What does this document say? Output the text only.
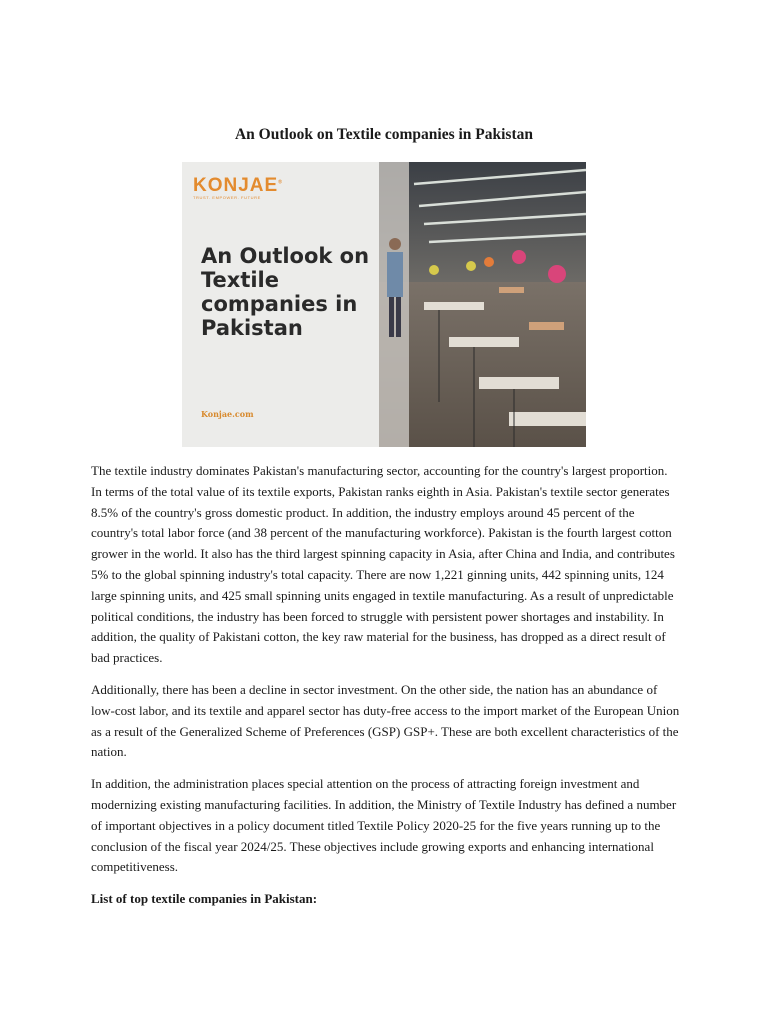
An Outlook on Textile companies in Pakistan
KONJAE®
TRUST. EMPOWER. FUTURE
An Outlook on Textile companies in Pakistan
Konjae.com

The textile industry dominates Pakistan's manufacturing sector, accounting for the country's largest proportion. In terms of the total value of its textile exports, Pakistan ranks eighth in Asia. Pakistan's textile sector generates 8.5% of the country's gross domestic product. In addition, the industry employs around 45 percent of the country's total labor force (and 38 percent of the manufacturing workforce). Pakistan is the fourth largest cotton grower in the world. It also has the third largest spinning capacity in Asia, after China and India, and contributes 5% to the global spinning industry's total capacity. There are now 1,221 ginning units, 442 spinning units, 124 large spinning units, and 425 small spinning units engaged in textile manufacturing. As a result of unpredictable political conditions, the industry has been forced to struggle with persistent power shortages and instability. In addition, the quality of Pakistani cotton, the key raw material for the business, has dropped as a direct result of bad practices.

Additionally, there has been a decline in sector investment. On the other side, the nation has an abundance of low-cost labor, and its textile and apparel sector has duty-free access to the import market of the European Union as a result of the Generalized Scheme of Preferences (GSP) GSP+. These are both excellent characteristics of the nation.

In addition, the administration places special attention on the process of attracting foreign investment and modernizing existing manufacturing facilities. In addition, the Ministry of Textile Industry has defined a number of important objectives in a policy document titled Textile Policy 2020-25 for the five years running up to the conclusion of the fiscal year 2024/25. These objectives include growing exports and enhancing international competitiveness.

List of top textile companies in Pakistan:
